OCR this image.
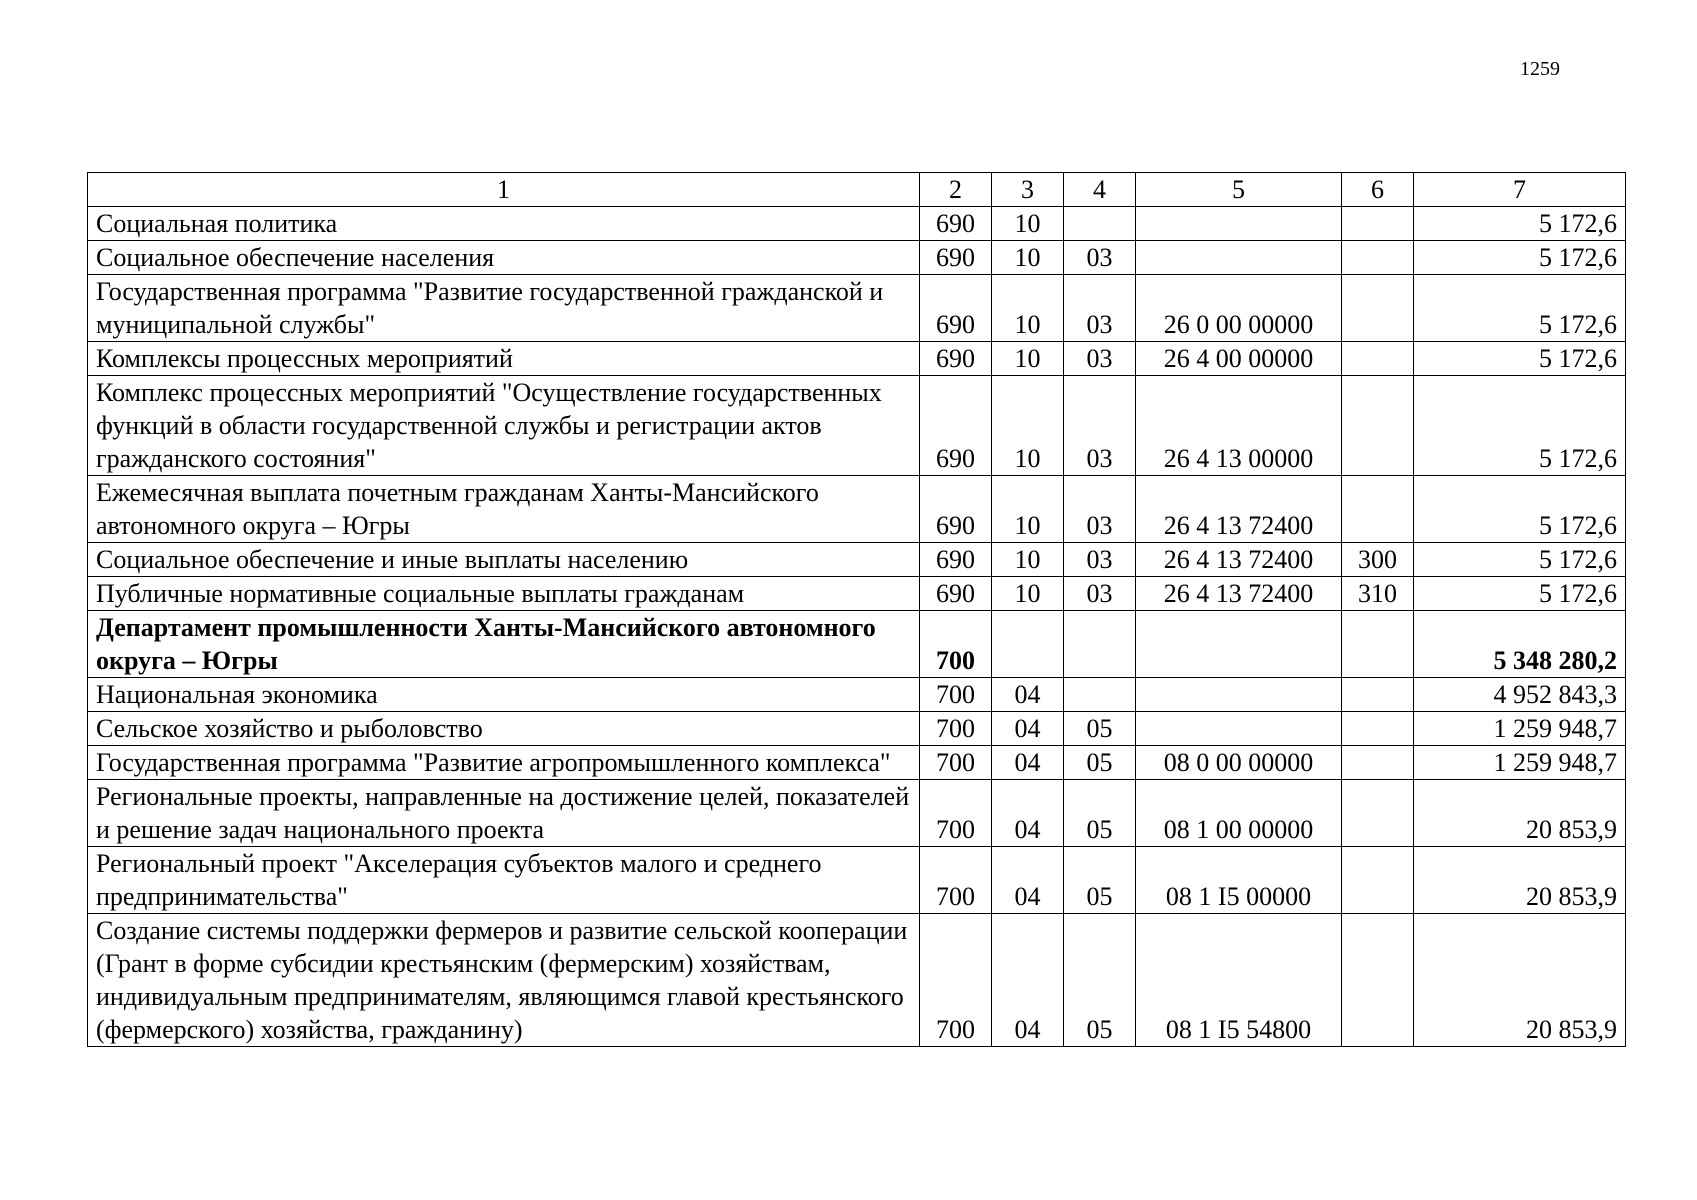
1259
1	2	3	4	5	6	7
Социальная политика	690	10				5 172,6
Социальное обеспечение населения	690	10	03			5 172,6
Государственная программа "Развитие государственной гражданской и муниципальной службы"	690	10	03	26 0 00 00000		5 172,6
Комплексы процессных мероприятий	690	10	03	26 4 00 00000		5 172,6
Комплекс процессных мероприятий "Осуществление государственных функций в области государственной службы и регистрации актов гражданского состояния"	690	10	03	26 4 13 00000		5 172,6
Ежемесячная выплата почетным гражданам Ханты-Мансийского автономного округа – Югры	690	10	03	26 4 13 72400		5 172,6
Социальное обеспечение и иные выплаты населению	690	10	03	26 4 13 72400	300	5 172,6
Публичные нормативные социальные выплаты гражданам	690	10	03	26 4 13 72400	310	5 172,6
Департамент промышленности Ханты-Мансийского автономного округа – Югры	700					5 348 280,2
Национальная экономика	700	04				4 952 843,3
Сельское хозяйство и рыболовство	700	04	05			1 259 948,7
Государственная программа "Развитие агропромышленного комплекса"	700	04	05	08 0 00 00000		1 259 948,7
Региональные проекты, направленные на достижение целей, показателей и решение задач национального проекта	700	04	05	08 1 00 00000		20 853,9
Региональный проект "Акселерация субъектов малого и среднего предпринимательства"	700	04	05	08 1 I5 00000		20 853,9
Создание системы поддержки фермеров и развитие сельской кооперации (Грант в форме субсидии крестьянским (фермерским) хозяйствам, индивидуальным предпринимателям, являющимся главой крестьянского (фермерского) хозяйства, гражданину)	700	04	05	08 1 I5 54800		20 853,9
